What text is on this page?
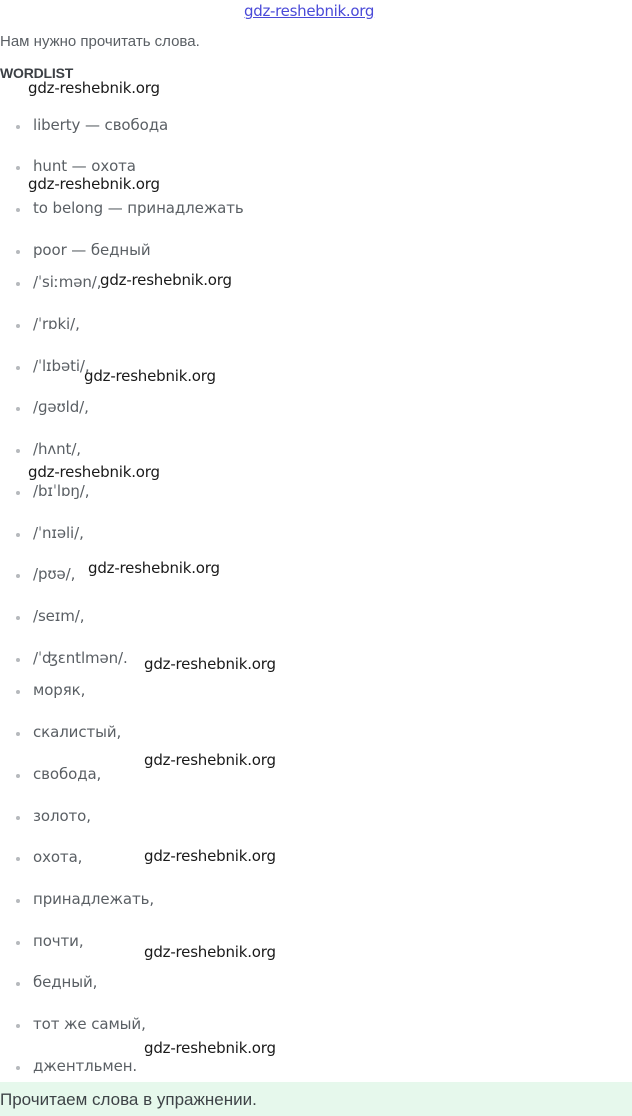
gdz-reshebnik.org
Нам нужно прочитать слова.
WORDLIST
liberty — свобода
hunt — охота
to belong — принадлежать
poor — бедный
/ˈsiːmən/,
/ˈrɒki/,
/ˈlɪbəti/,
/ɡəʊld/,
/hʌnt/,
/bɪˈlɒŋ/,
/ˈnɪəli/,
/pʊə/,
/seɪm/,
/ˈʤɛntlmən/.
моряк,
скалистый,
свобода,
золото,
охота,
принадлежать,
почти,
бедный,
тот же самый,
джентльмен.
gdz-reshebnik.org
gdz-reshebnik.org
gdz-reshebnik.org
gdz-reshebnik.org
gdz-reshebnik.org
gdz-reshebnik.org
gdz-reshebnik.org
gdz-reshebnik.org
gdz-reshebnik.org
gdz-reshebnik.org
gdz-reshebnik.org
Прочитаем слова в упражнении.
